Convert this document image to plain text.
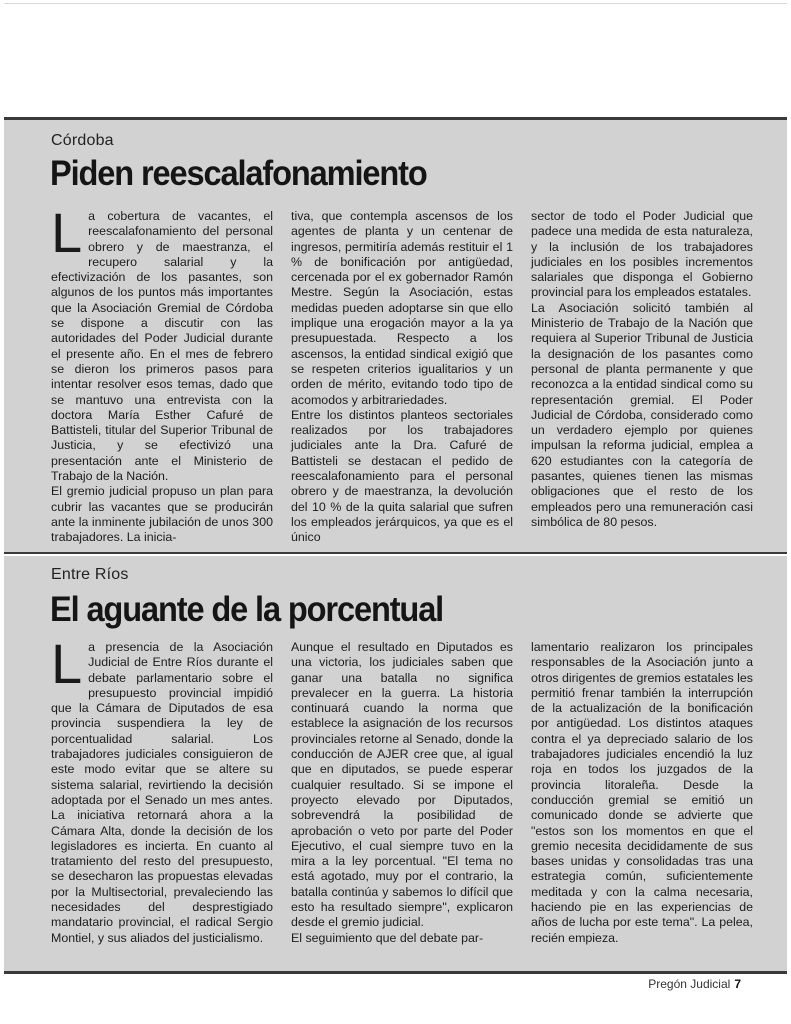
Córdoba
Piden reescalafonamiento

La cobertura de vacantes, el reescalafonamiento del personal obrero y de maestranza, el recupero salarial y la efectivización de los pasantes, son algunos de los puntos más importantes que la Asociación Gremial de Córdoba se dispone a discutir con las autoridades del Poder Judicial durante el presente año. En el mes de febrero se dieron los primeros pasos para intentar resolver esos temas, dado que se mantuvo una entrevista con la doctora María Esther Cafuré de Battisteli, titular del Superior Tribunal de Justicia, y se efectivizó una presentación ante el Ministerio de Trabajo de la Nación.

El gremio judicial propuso un plan para cubrir las vacantes que se producirán ante la inminente jubilación de unos 300 trabajadores. La inicia-

tiva, que contempla ascensos de los agentes de planta y un centenar de ingresos, permitiría además restituir el 1 % de bonificación por antigüedad, cercenada por el ex gobernador Ramón Mestre. Según la Asociación, estas medidas pueden adoptarse sin que ello implique una erogación mayor a la ya presupuestada. Respecto a los ascensos, la entidad sindical exigió que se respeten criterios igualitarios y un orden de mérito, evitando todo tipo de acomodos y arbitrariedades.

Entre los distintos planteos sectoriales realizados por los trabajadores judiciales ante la Dra. Cafuré de Battisteli se destacan el pedido de reescalafonamiento para el personal obrero y de maestranza, la devolución del 10 % de la quita salarial que sufren los empleados jerárquicos, ya que es el único

sector de todo el Poder Judicial que padece una medida de esta naturaleza, y la inclusión de los trabajadores judiciales en los posibles incrementos salariales que disponga el Gobierno provincial para los empleados estatales.

La Asociación solicitó también al Ministerio de Trabajo de la Nación que requiera al Superior Tribunal de Justicia la designación de los pasantes como personal de planta permanente y que reconozca a la entidad sindical como su representación gremial. El Poder Judicial de Córdoba, considerado como un verdadero ejemplo por quienes impulsan la reforma judicial, emplea a 620 estudiantes con la categoría de pasantes, quienes tienen las mismas obligaciones que el resto de los empleados pero una remuneración casi simbólica de 80 pesos.

Entre Ríos
El aguante de la porcentual

La presencia de la Asociación Judicial de Entre Ríos durante el debate parlamentario sobre el presupuesto provincial impidió que la Cámara de Diputados de esa provincia suspendiera la ley de porcentualidad salarial. Los trabajadores judiciales consiguieron de este modo evitar que se altere su sistema salarial, revirtiendo la decisión adoptada por el Senado un mes antes. La iniciativa retornará ahora a la Cámara Alta, donde la decisión de los legisladores es incierta. En cuanto al tratamiento del resto del presupuesto, se desecharon las propuestas elevadas por la Multisectorial, prevaleciendo las necesidades del desprestigiado mandatario provincial, el radical Sergio Montiel, y sus aliados del justicialismo.

Aunque el resultado en Diputados es una victoria, los judiciales saben que ganar una batalla no significa prevalecer en la guerra. La historia continuará cuando la norma que establece la asignación de los recursos provinciales retorne al Senado, donde la conducción de AJER cree que, al igual que en diputados, se puede esperar cualquier resultado. Si se impone el proyecto elevado por Diputados, sobrevendrá la posibilidad de aprobación o veto por parte del Poder Ejecutivo, el cual siempre tuvo en la mira a la ley porcentual. "El tema no está agotado, muy por el contrario, la batalla continúa y sabemos lo difícil que esto ha resultado siempre", explicaron desde el gremio judicial.

El seguimiento que del debate par-

lamentario realizaron los principales responsables de la Asociación junto a otros dirigentes de gremios estatales les permitió frenar también la interrupción de la actualización de la bonificación por antigüedad. Los distintos ataques contra el ya depreciado salario de los trabajadores judiciales encendió la luz roja en todos los juzgados de la provincia litoraleña. Desde la conducción gremial se emitió un comunicado donde se advierte que "estos son los momentos en que el gremio necesita decididamente de sus bases unidas y consolidadas tras una estrategia común, suficientemente meditada y con la calma necesaria, haciendo pie en las experiencias de años de lucha por este tema". La pelea, recién empieza.

Pregón Judicial 7
